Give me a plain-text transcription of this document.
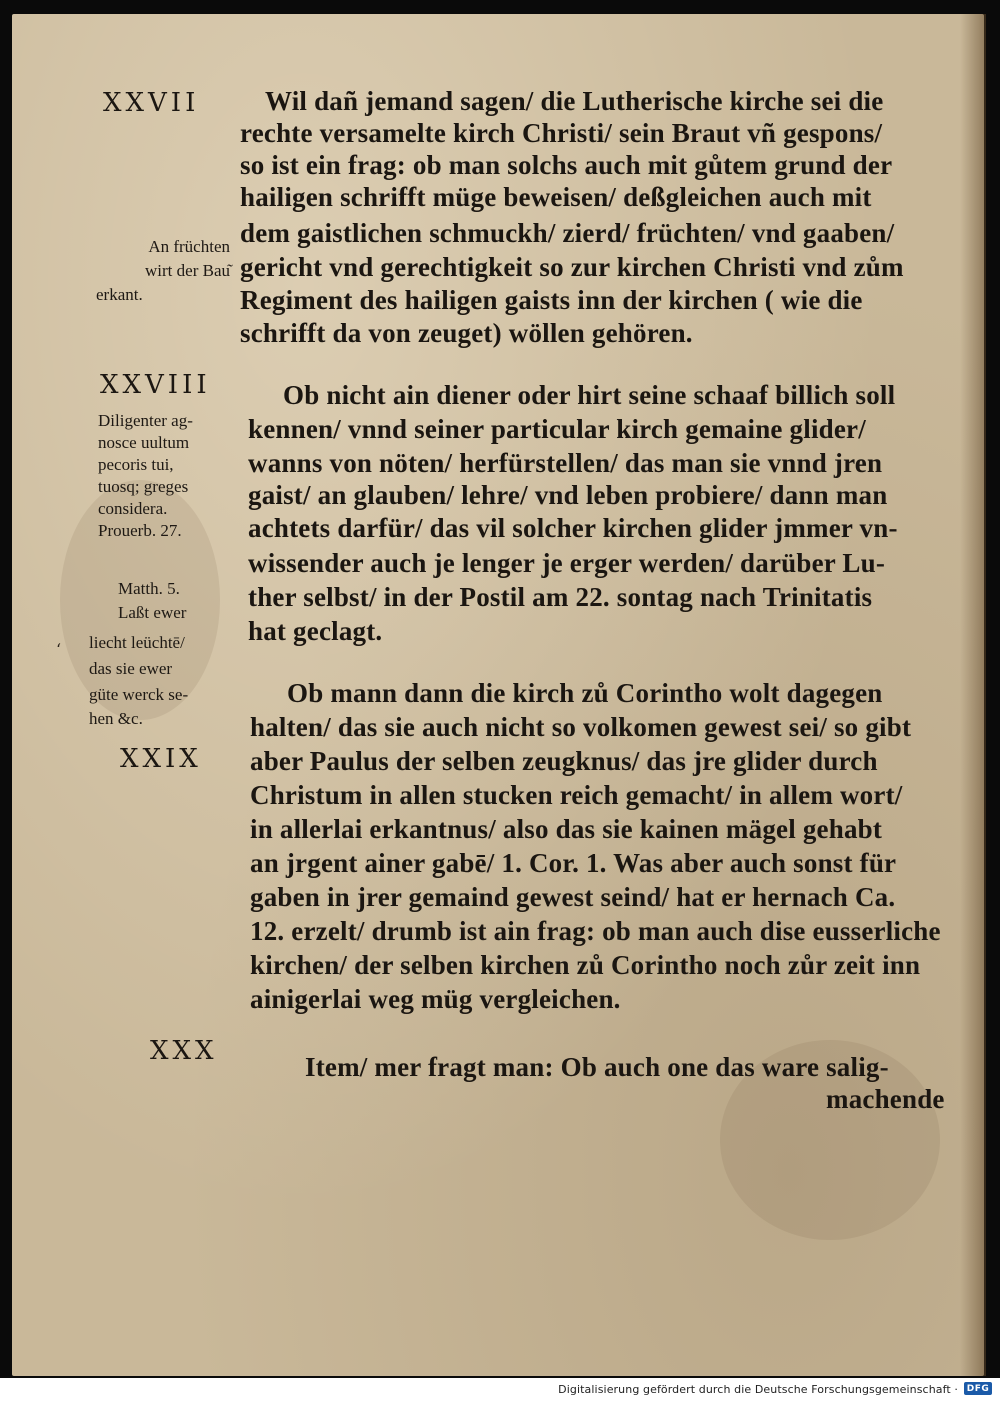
XXVII Wil dañ jemand sagen/ die Lutherische kirche sei die
rechte versamelte kirch Christi/ sein Braut vñ gespons/
so ist ein frag: ob man solchs auch mit gůtem grund der
hailigen schrifft müge beweisen/ deßgleichen auch mit
dem gaistlichen schmuckh/ zierd/ früchten/ vnd gaaben/
gericht vnd gerechtigkeit so zur kirchen Christi vnd zům
Regiment des hailigen gaists inn der kirchen ( wie die
schrifft da von zeuget) wöllen gehören.
An früchten
wirt der Bau͂
erkant.
XXVIII	Ob nicht ain diener oder hirt seine schaaf billich soll
kennen/ vnnd seiner particular kirch gemaine glider/
wanns von nöten/ herfürstellen/ das man sie vnnd jren
gaist/ an glauben/ lehre/ vnd leben probiere/ dann man
achtets darfür/ das vil solcher kirchen glider jmmer vn-
wissender auch je lenger je erger werden/ darüber Lu-
ther selbst/ in der Postil am 22. sontag nach Trinitatis
hat geclagt.
Diligenter ag-
nosce uultum
pecoris tui,
tuosq; greges
considera.
Prouerb. 27.
Matth. 5.
Laßt ewer
liecht leüchtē/
das sie ewer
güte werck se-
hen &c.
ʻ
XXIX
Ob mann dann die kirch zů Corintho wolt dagegen
halten/ das sie auch nicht so volkomen gewest sei/ so gibt
aber Paulus der selben zeugknus/ das jre glider durch
Christum in allen stucken reich gemacht/ in allem wort/
in allerlai erkantnus/ also das sie kainen mägel gehabt
an jrgent ainer gabē/ 1. Cor. 1. Was aber auch sonst für
gaben in jrer gemaind gewest seind/ hat er hernach Ca.
12. erzelt/ drumb ist ain frag: ob man auch dise eusserliche
kirchen/ der selben kirchen zů Corintho noch zůr zeit inn
ainigerlai weg müg vergleichen.
XXX
Item/ mer fragt man: Ob auch one das ware salig-
machende
Digitalisierung gefördert durch die Deutsche Forschungsgemeinschaft · DFG
